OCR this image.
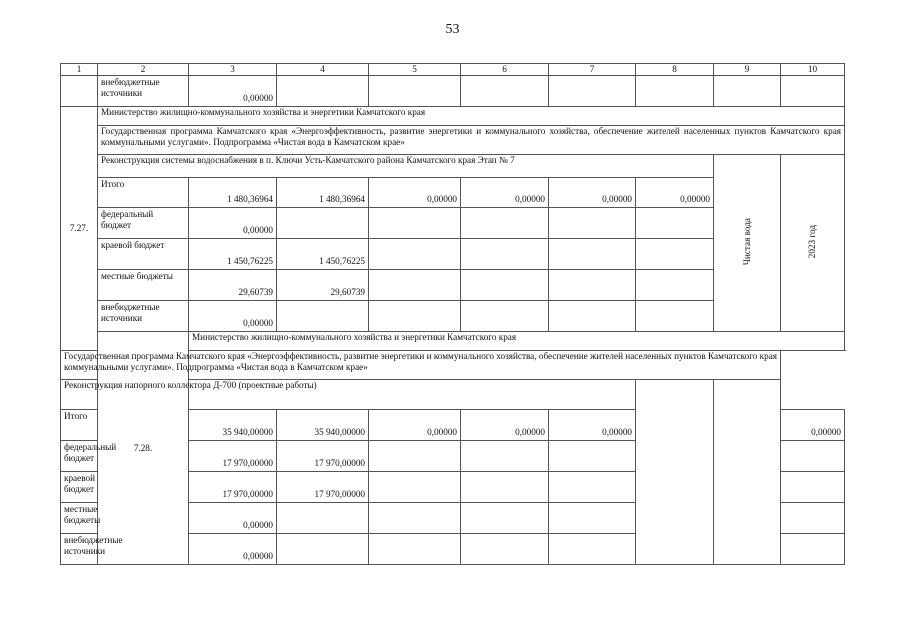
53
1	2	3	4	5	6	7	8	9	10
	внебюджетные источники	0,00000							
7.27.	Министерство жилищно-коммунального хозяйства и энергетики Камчатского края								
	Государственная программа Камчатского края «Энергоэффективность, развитие энергетики и коммунального хозяйства, обеспечение жителей населенных пунктов Камчатского края коммунальными услугами». Подпрограмма «Чистая вода в Камчатском крае»								
	Реконструкция системы водоснабжения в п. Ключи Усть-Камчатского района Камчатского края Этап № 7							Чистая вода	2023 год
	Итого	1 480,36964	1 480,36964	0,00000	0,00000	0,00000	0,00000		
	федеральный бюджет	0,00000							
	краевой бюджет	1 450,76225	1 450,76225						
	местные бюджеты	29,60739	29,60739						
	внебюджетные источники	0,00000							
	7.28.	Министерство жилищно-коммунального хозяйства и энергетики Камчатского края							
Государственная программа Камчатского края «Энергоэффективность, развитие энергетики и коммунального хозяйства, обеспечение жителей населенных пунктов Камчатского края коммунальными услугами». Подпрограмма «Чистая вода в Камчатском крае»									
Реконструкция напорного коллектора Д-700 (проектные работы)									
Итого		35 940,00000	35 940,00000	0,00000	0,00000	0,00000			0,00000
федеральный бюджет		17 970,00000	17 970,00000						
краевой бюджет		17 970,00000	17 970,00000						
местные бюджеты		0,00000							
внебюджетные источники		0,00000							
